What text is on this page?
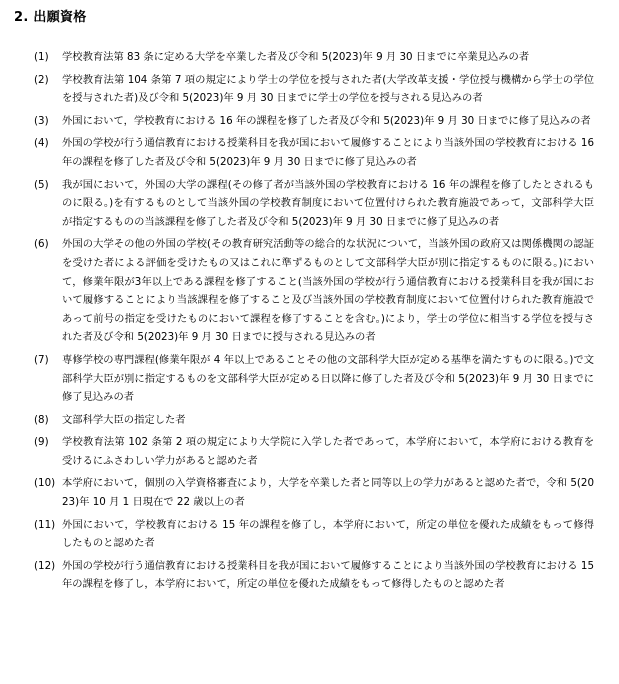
2. 出願資格
(1)	学校教育法第 83 条に定める大学を卒業した者及び令和 5(2023)年 9 月 30 日までに卒業見込みの者
(2)	学校教育法第 104 条第 7 項の規定により学士の学位を授与された者(大学改革支援・学位授与機構から学士の学位を授与された者)及び令和 5(2023)年 9 月 30 日までに学士の学位を授与される見込みの者
(3)	外国において，学校教育における 16 年の課程を修了した者及び令和 5(2023)年 9 月 30 日までに修了見込みの者
(4)	外国の学校が行う通信教育における授業科目を我が国において履修することにより当該外国の学校教育における 16 年の課程を修了した者及び令和 5(2023)年 9 月 30 日までに修了見込みの者
(5)	我が国において，外国の大学の課程(その修了者が当該外国の学校教育における 16 年の課程を修了したとされるものに限る。)を有するものとして当該外国の学校教育制度において位置付けられた教育施設であって，文部科学大臣が指定するものの当該課程を修了した者及び令和 5(2023)年 9 月 30 日までに修了見込みの者
(6)	外国の大学その他の外国の学校(その教育研究活動等の総合的な状況について，当該外国の政府又は関係機関の認証を受けた者による評価を受けたもの又はこれに準ずるものとして文部科学大臣が別に指定するものに限る。)において，修業年限が3年以上である課程を修了すること(当該外国の学校が行う通信教育における授業科目を我が国において履修することにより当該課程を修了すること及び当該外国の学校教育制度において位置付けられた教育施設であって前号の指定を受けたものにおいて課程を修了することを含む。)により，学士の学位に相当する学位を授与された者及び令和 5(2023)年 9 月 30 日までに授与される見込みの者
(7)	専修学校の専門課程(修業年限が 4 年以上であることその他の文部科学大臣が定める基準を満たすものに限る。)で文部科学大臣が別に指定するものを文部科学大臣が定める日以降に修了した者及び令和 5(2023)年 9 月 30 日までに修了見込みの者
(8)	文部科学大臣の指定した者
(9)	学校教育法第 102 条第 2 項の規定により大学院に入学した者であって，本学府において，本学府における教育を受けるにふさわしい学力があると認めた者
(10) 本学府において，個別の入学資格審査により，大学を卒業した者と同等以上の学力があると認めた者で，令和 5(2023)年 10 月 1 日現在で 22 歳以上の者
(11) 外国において，学校教育における 15 年の課程を修了し，本学府において，所定の単位を優れた成績をもって修得したものと認めた者
(12) 外国の学校が行う通信教育における授業科目を我が国において履修することにより当該外国の学校教育における 15 年の課程を修了し，本学府において，所定の単位を優れた成績をもって修得したものと認めた者
